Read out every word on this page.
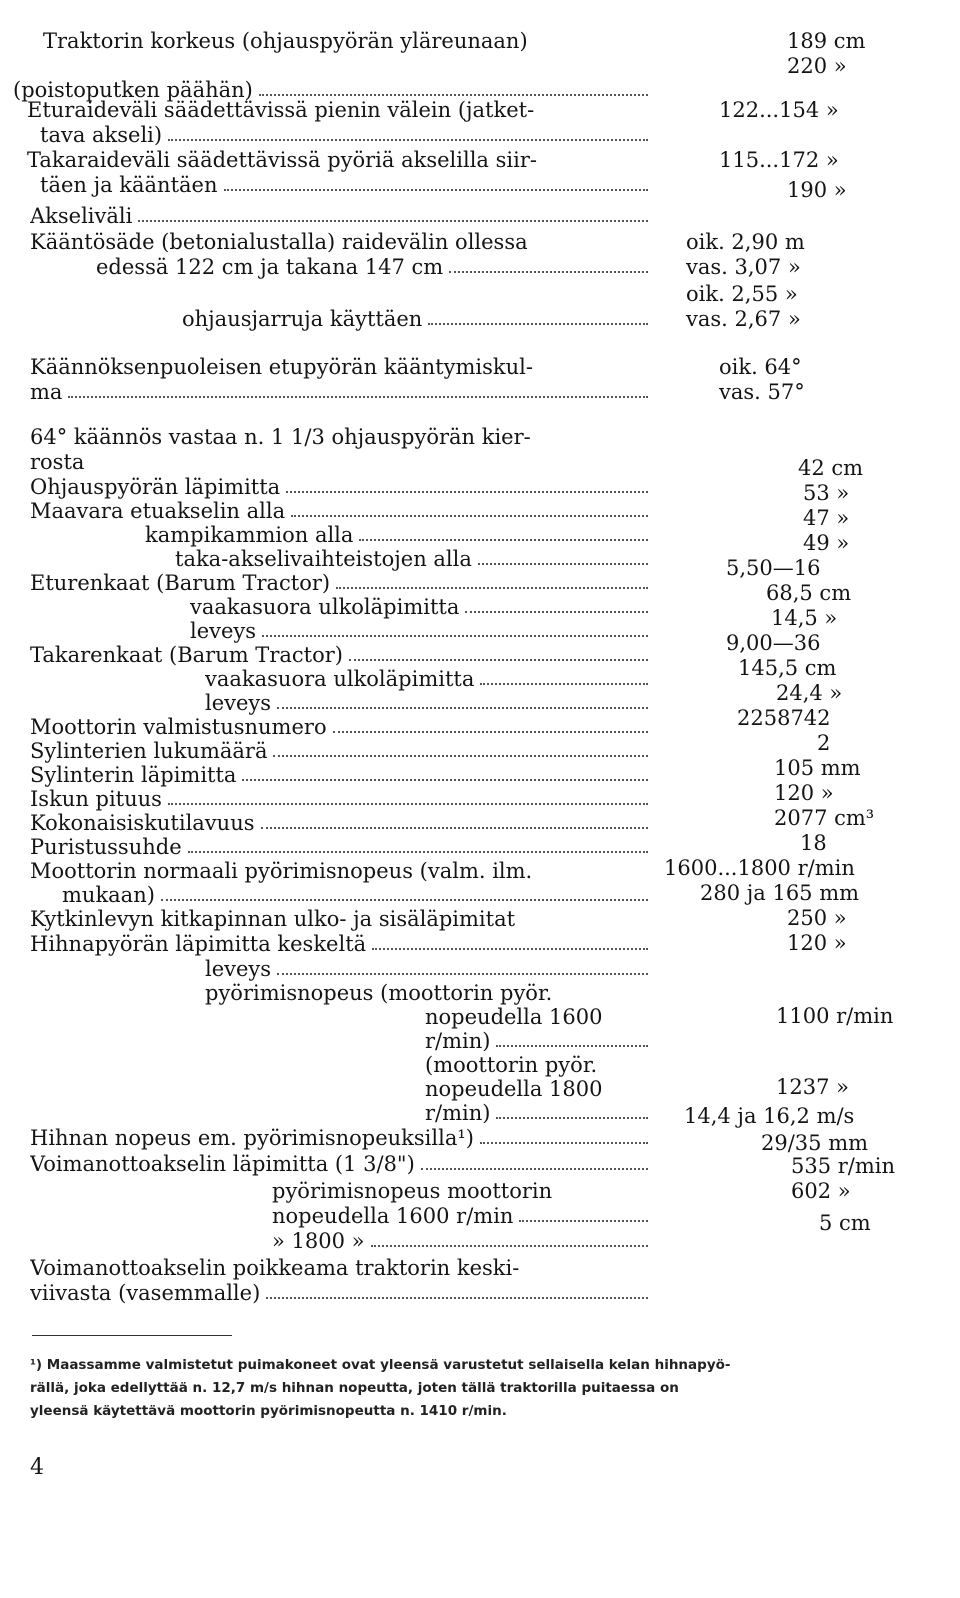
Traktorin korkeus (ohjauspyörän yläreunaan)
(poistoputken päähän)
Eturaideväli säädettävissä pienin välein (jatket-
tava akseli)
Takaraideväli säädettävissä pyöriä akselilla siir-
täen ja kääntäen
Akseliväli
Kääntösäde (betonialustalla) raidevälin ollessa
edessä 122 cm ja takana 147 cm
ohjausjarruja käyttäen
Käännöksenpuoleisen etupyörän kääntymiskul-
ma
64° käännös vastaa n. 1 1/3 ohjauspyörän kier-
rosta
Ohjauspyörän läpimitta
Maavara etuakselin alla
kampikammion alla
taka-akselivaihteistojen alla
Eturenkaat (Barum Tractor)
vaakasuora ulkoläpimitta
leveys
Takarenkaat (Barum Tractor)
vaakasuora ulkoläpimitta
leveys
Moottorin valmistusnumero
Sylinterien lukumäärä
Sylinterin läpimitta
Iskun pituus
Kokonaisiskutilavuus
Puristussuhde
Moottorin normaali pyörimisnopeus (valm. ilm.
mukaan)
Kytkinlevyn kitkapinnan ulko- ja sisäläpimitat
Hihnapyörän läpimitta keskeltä
leveys
pyörimisnopeus (moottorin pyör.
nopeudella 1600
r/min)
(moottorin pyör.
nopeudella 1800
r/min)
Hihnan nopeus em. pyörimisnopeuksilla¹)
Voimanottoakselin läpimitta (1 3/8")
pyörimisnopeus moottorin
nopeudella 1600 r/min
» 1800 »
Voimanottoakselin poikkeama traktorin keski-
viivasta (vasemmalle)
189 cm
220 »
122...154 »
115...172 »
190 »
oik. 2,90 m
vas. 3,07 »
oik. 2,55 »
vas. 2,67 »
oik. 64°
vas. 57°
42 cm
53 »
47 »
49 »
5,50—16
68,5 cm
14,5 »
9,00—36
145,5 cm
24,4 »
2258742
2
105 mm
120 »
2077 cm³
18
1600...1800 r/min
280 ja 165 mm
250 »
120 »
1100 r/min
1237 »
14,4 ja 16,2 m/s
29/35 mm
535 r/min
602 »
5 cm
¹) Maassamme valmistetut puimakoneet ovat yleensä varustetut sellaisella kelan hihnapyö-
rällä, joka edellyttää n. 12,7 m/s hihnan nopeutta, joten tällä traktorilla puitaessa on
yleensä käytettävä moottorin pyörimisnopeutta n. 1410 r/min.
4
